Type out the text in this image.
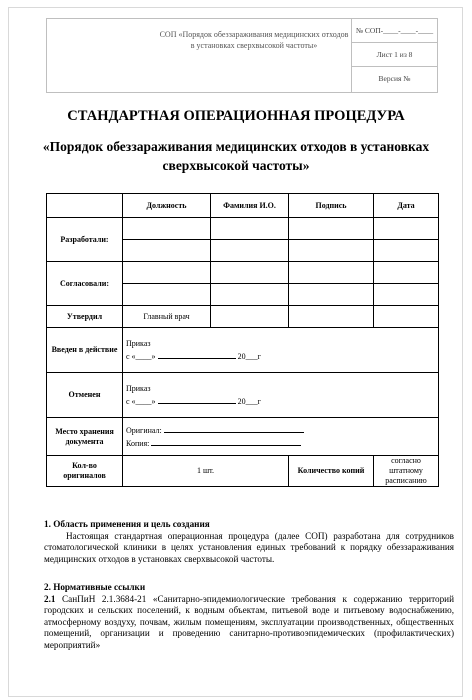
СОП «Порядок обеззараживания медицинских отходов в установках сверхвысокой частоты»
№ СОП-____-____-____
Лист 1 из 8
Версия №
СТАНДАРТНАЯ ОПЕРАЦИОННАЯ ПРОЦЕДУРА
«Порядок обеззараживания медицинских отходов в установках сверхвысокой частоты»
	Должность	Фамилия И.О.	Подпись	Дата
Разработали:				

Согласовали:				

Утвердил	Главный врач			
Введен в действие	Приказ
с «____» 20___г			

Отменен	Приказ
с «____» 20___г			

Место хранения документа	Оригинал:
Копия:			

Кол-во оригиналов	1 шт.		Количество копий	согласно штатному расписанию
1. Область применения и цель создания
Настоящая стандартная операционная процедура (далее СОП) разработана для сотрудников стоматологической клиники в целях установления единых требований к порядку обеззараживания медицинских отходов в установках сверхвысокой частоты.
2. Нормативные ссылки
2.1 СанПиН 2.1.3684-21 «Санитарно-эпидемиологические требования к содержанию территорий городских и сельских поселений, к водным объектам, питьевой воде и питьевому водоснабжению, атмосферному воздуху, почвам, жилым помещениям, эксплуатации производственных, общественных помещений, организации и проведению санитарно-противоэпидемических (профилактических) мероприятий»
